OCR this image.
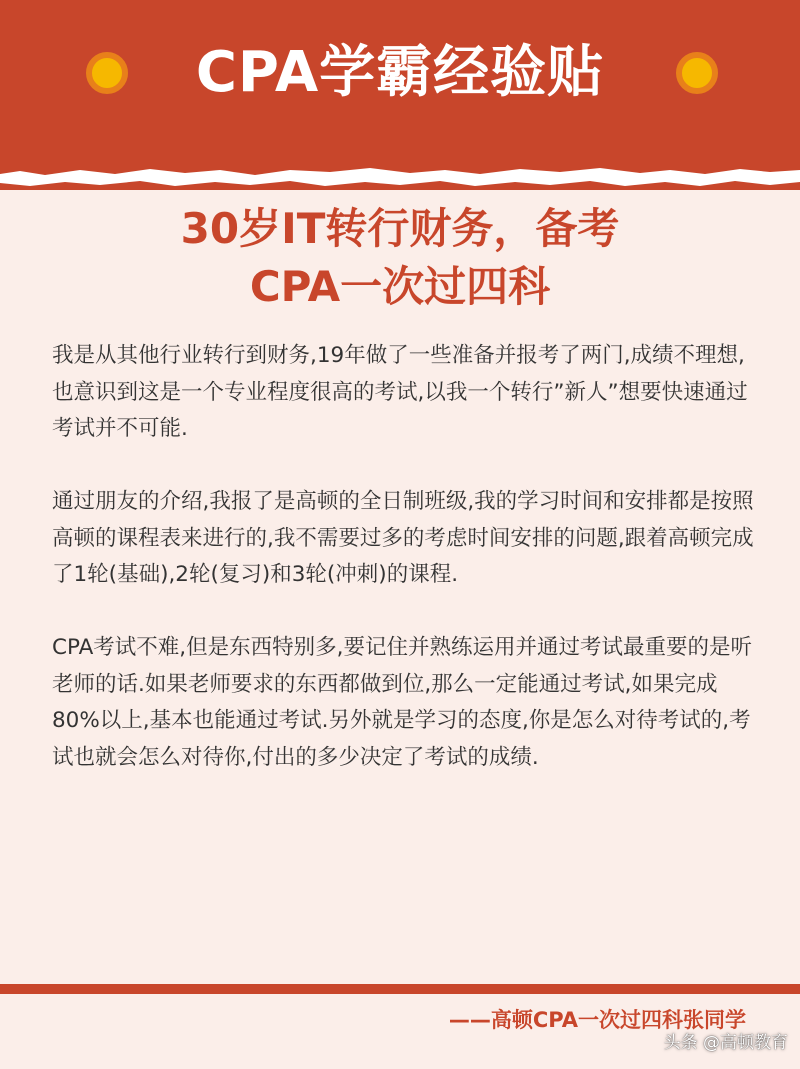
CPA学霸经验贴
30岁IT转行财务，备考
CPA一次过四科

我是从其他行业转行到财务,19年做了一些准备并报考了两门,成绩不理想,也意识到这是一个专业程度很高的考试,以我一个转行”新人”想要快速通过考试并不可能.

通过朋友的介绍,我报了是高顿的全日制班级,我的学习时间和安排都是按照高顿的课程表来进行的,我不需要过多的考虑时间安排的问题,跟着高顿完成了1轮(基础),2轮(复习)和3轮(冲刺)的课程.

CPA考试不难,但是东西特别多,要记住并熟练运用并通过考试最重要的是听老师的话.如果老师要求的东西都做到位,那么一定能通过考试,如果完成80%以上,基本也能通过考试.另外就是学习的态度,你是怎么对待考试的,考试也就会怎么对待你,付出的多少决定了考试的成绩.

——高顿CPA一次过四科张同学
头条 @高顿教育
